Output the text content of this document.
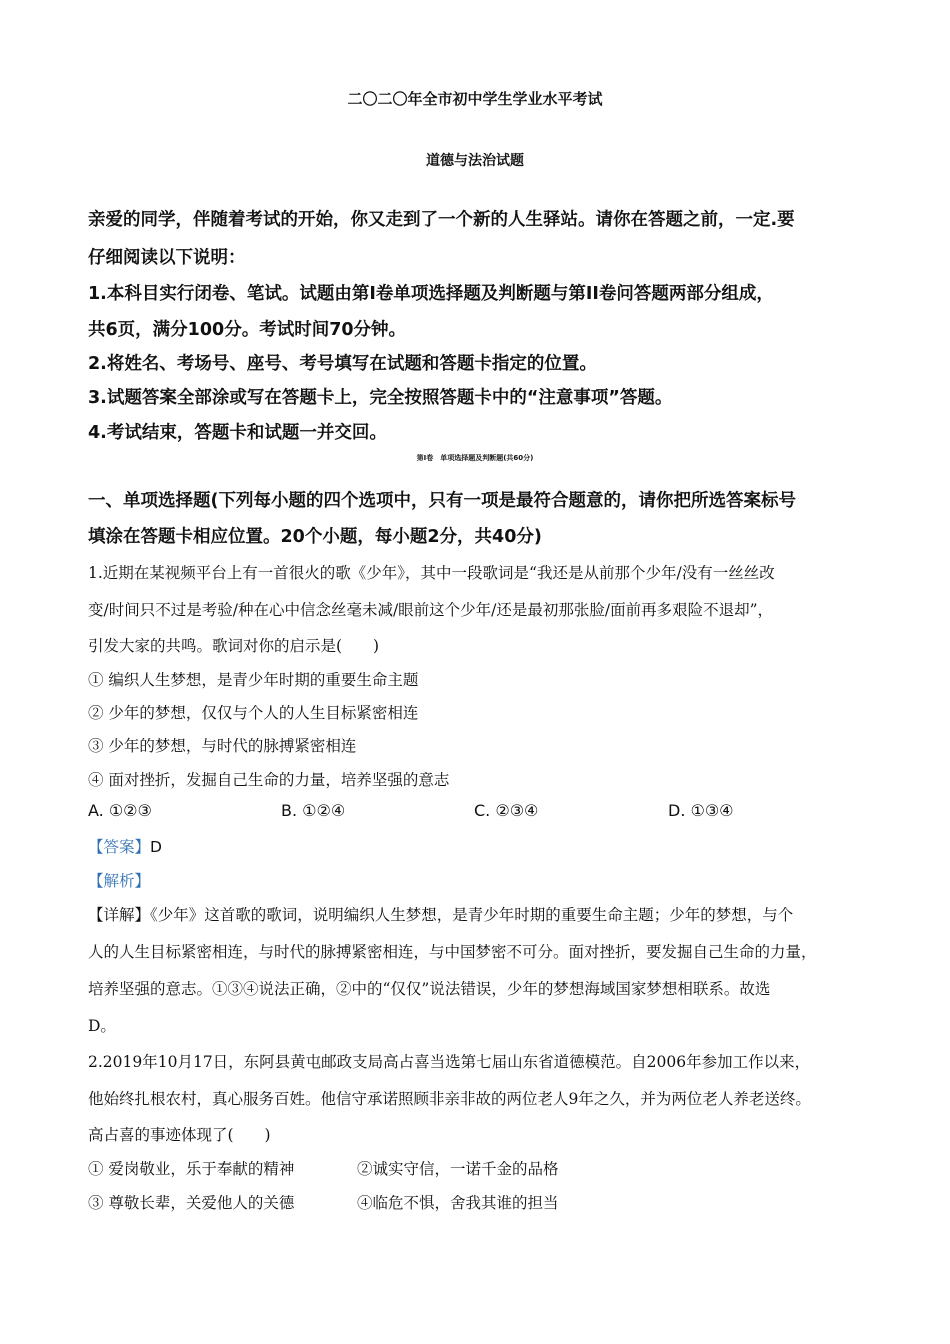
二〇二〇年全市初中学生学业水平考试
道德与法治试题
亲爱的同学，伴随着考试的开始，你又走到了一个新的人生驿站。请你在答题之前，一定.要
仔细阅读以下说明：
1.本科目实行闭卷、笔试。试题由第Ⅰ卷单项选择题及判断题与第II卷问答题两部分组成，
共6页，满分100分。考试时间70分钟。
2.将姓名、考场号、座号、考号填写在试题和答题卡指定的位置。
3.试题答案全部涂或写在答题卡上，完全按照答题卡中的“注意事项”答题。
4.考试结束，答题卡和试题一并交回。
第Ⅰ卷　单项选择题及判断题(共60分)
一、单项选择题(下列每小题的四个选项中，只有一项是最符合题意的，请你把所选答案标号
填涂在答题卡相应位置。20个小题，每小题2分，共40分)
1.近期在某视频平台上有一首很火的歌《少年》，其中一段歌词是“我还是从前那个少年/没有一丝丝改
变/时间只不过是考验/种在心中信念丝毫未减/眼前这个少年/还是最初那张脸/面前再多艰险不退却”，
引发大家的共鸣。歌词对你的启示是(　　)
① 编织人生梦想，是青少年时期的重要生命主题
② 少年的梦想，仅仅与个人的人生目标紧密相连
③ 少年的梦想，与时代的脉搏紧密相连
④ 面对挫折，发掘自己生命的力量，培养坚强的意志
A. ①②③	B. ①②④	C. ②③④	D. ①③④
【答案】D
【解析】
【详解】《少年》这首歌的歌词，说明编织人生梦想，是青少年时期的重要生命主题；少年的梦想，与个
人的人生目标紧密相连，与时代的脉搏紧密相连，与中国梦密不可分。面对挫折，要发掘自己生命的力量，
培养坚强的意志。①③④说法正确，②中的“仅仅”说法错误，少年的梦想海域国家梦想相联系。故选
D。
2.2019年10月17日，东阿县黄屯邮政支局高占喜当选第七届山东省道德模范。自2006年参加工作以来，
他始终扎根农村，真心服务百姓。他信守承诺照顾非亲非故的两位老人9年之久，并为两位老人养老送终。
高占喜的事迹体现了(　　)
① 爱岗敬业，乐于奉献的精神	②诚实守信，一诺千金的品格
③ 尊敬长辈，关爱他人的关德	④临危不惧，舍我其谁的担当
